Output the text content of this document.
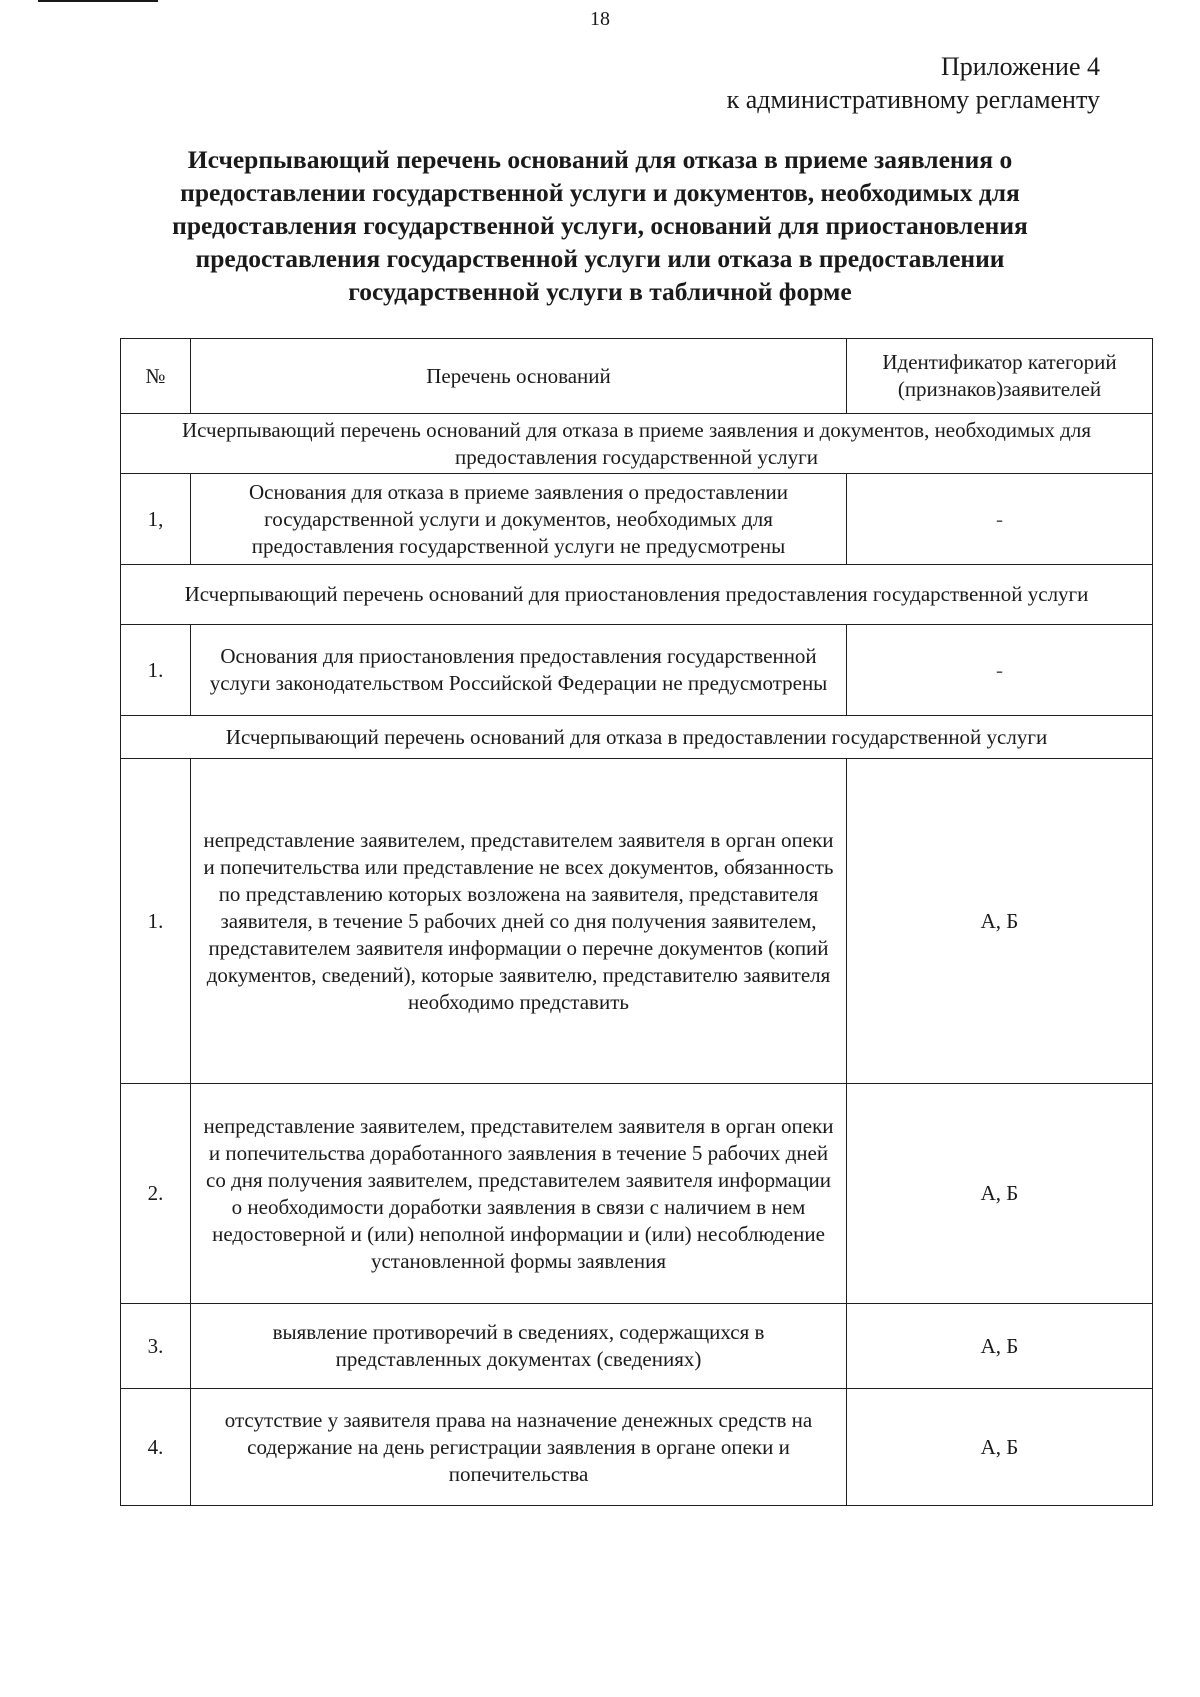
18
Приложение 4
к административному регламенту
Исчерпывающий перечень оснований для отказа в приеме заявления о предоставлении государственной услуги и документов, необходимых для предоставления государственной услуги, оснований для приостановления предоставления государственной услуги или отказа в предоставлении государственной услуги в табличной форме
№	Перечень оснований	Идентификатор категорий (признаков)заявителей
Исчерпывающий перечень оснований для отказа в приеме заявления и документов, необходимых для предоставления государственной услуги		
1,	Основания для отказа в приеме заявления о предоставлении государственной услуги и документов, необходимых для предоставления государственной услуги не предусмотрены	-
Исчерпывающий перечень оснований для приостановления предоставления государственной услуги		
1.	Основания для приостановления предоставления государственной услуги законодательством Российской Федерации не предусмотрены	-
Исчерпывающий перечень оснований для отказа в предоставлении государственной услуги		
1.	непредставление заявителем, представителем заявителя в орган опеки и попечительства или представление не всех документов, обязанность по представлению которых возложена на заявителя, представителя заявителя, в течение 5 рабочих дней со дня получения заявителем, представителем заявителя информации о перечне документов (копий документов, сведений), которые заявителю, представителю заявителя необходимо представить	А, Б
2.	непредставление заявителем, представителем заявителя в орган опеки и попечительства доработанного заявления в течение 5 рабочих дней со дня получения заявителем, представителем заявителя информации о необходимости доработки заявления в связи с наличием в нем недостоверной и (или) неполной информации и (или) несоблюдение установленной формы заявления	А, Б
3.	выявление противоречий в сведениях, содержащихся в представленных документах (сведениях)	А, Б
4.	отсутствие у заявителя права на назначение денежных средств на содержание на день регистрации заявления в органе опеки и попечительства	А, Б
